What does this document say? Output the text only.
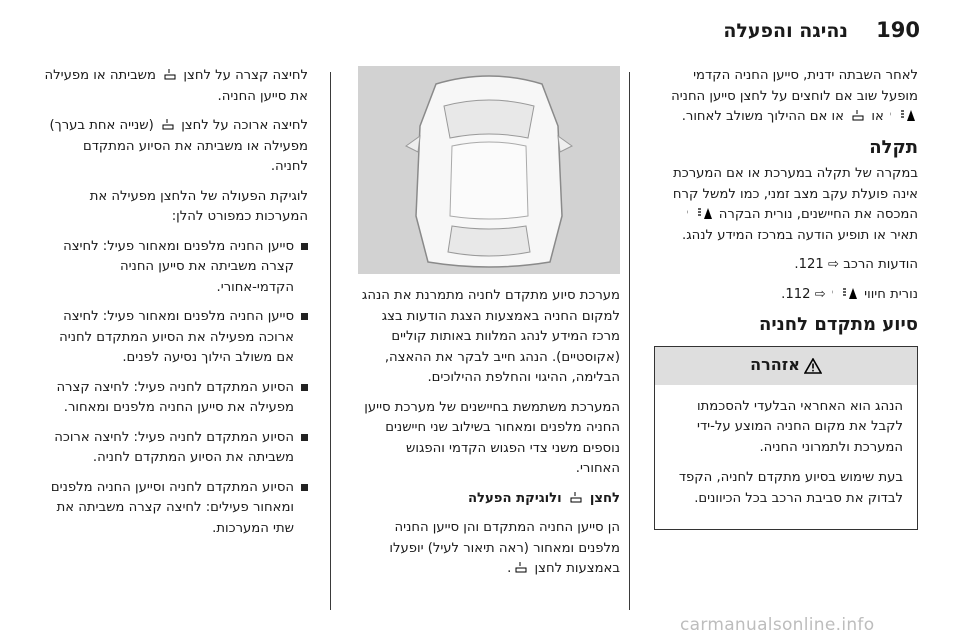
190
נהיגה והפעלה

לאחר השבתה ידנית, סייען החניה הקדמי מופעל שוב אם לוחצים על לחצן סייען החניה
או
או אם ההילוך משולב לאחור.

תקלה

במקרה של תקלה במערכת או אם המערכת אינה פועלת עקב מצב זמני, כמו למשל קרח המכסה את החיישנים, נורית הבקרה
תאיר או תופיע הודעה במרכז המידע לנהג.

הודעות הרכב ⇨ 121.

נורית חיווי
⇨ 112.

סיוע מתקדם לחניה
אזהרה

הנהג הוא האחראי הבלעדי להסכמתו לקבל את מקום החניה המוצע על-ידי המערכת ולתמרוני החניה.

בעת שימוש בסיוע מתקדם לחניה, הקפד לבדוק את סביבת הרכב בכל הכיוונים.

מערכת סיוע מתקדם לחניה מתמרנת את הנהג למקום החניה באמצעות הצגת הודעות בצג מרכז המידע לנהג המלוות באותות קוליים (אקוסטיים). הנהג חייב לבקר את ההאצה, הבלימה, ההיגוי והחלפת ההילוכים.

המערכת משתמשת בחיישנים של מערכת סייען החניה מלפנים ומאחור בשילוב שני חיישנים נוספים משני צדי הפגוש הקדמי והפגוש האחורי.

לחצן
ולוגיקת הפעלה

הן סייען החניה המתקדם והן סייען החניה מלפנים ומאחור (ראה תיאור לעיל) יופעלו באמצעות לחצן
.

לחיצה קצרה על לחצן
משביתה או מפעילה את סייען החניה.

לחיצה ארוכה על לחצן
(שנייה אחת בערך) מפעילה או משביתה את הסיוע המתקדם לחניה.

לוגיקת הפעולה של הלחצן מפעילה את המערכות כמפורט להלן:

סייען החניה מלפנים ומאחור פעיל: לחיצה קצרה משביתה את סייען החניה הקדמי-אחורי.
סייען החניה מלפנים ומאחור פעיל: לחיצה ארוכה מפעילה את הסיוע המתקדם לחניה אם משולב הילוך נסיעה לפנים.
הסיוע המתקדם לחניה פעיל: לחיצה קצרה מפעילה את סייען החניה מלפנים ומאחור.
הסיוע המתקדם לחניה פעיל: לחיצה ארוכה משביתה את הסיוע המתקדם לחניה.
הסיוע המתקדם לחניה וסייען החניה מלפנים ומאחור פעילים: לחיצה קצרה משביתה את שתי המערכות.
carmanualsonline.info
